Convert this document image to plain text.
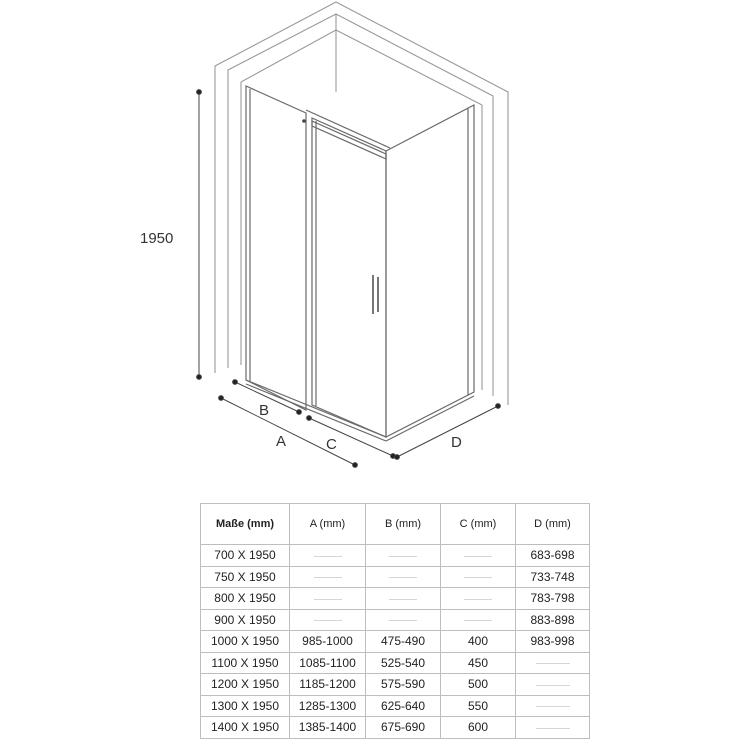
1950
B
A	C	D
Maße (mm)	A (mm)	B (mm)	C (mm)	D (mm)
700 X 1950				683-698
750 X 1950				733-748
800 X 1950				783-798
900 X 1950				883-898
1000 X 1950	985-1000	475-490	400	983-998
1100 X 1950	1085-1100	525-540	450	
1200 X 1950	1185-1200	575-590	500	
1300 X 1950	1285-1300	625-640	550	
1400 X 1950	1385-1400	675-690	600	
